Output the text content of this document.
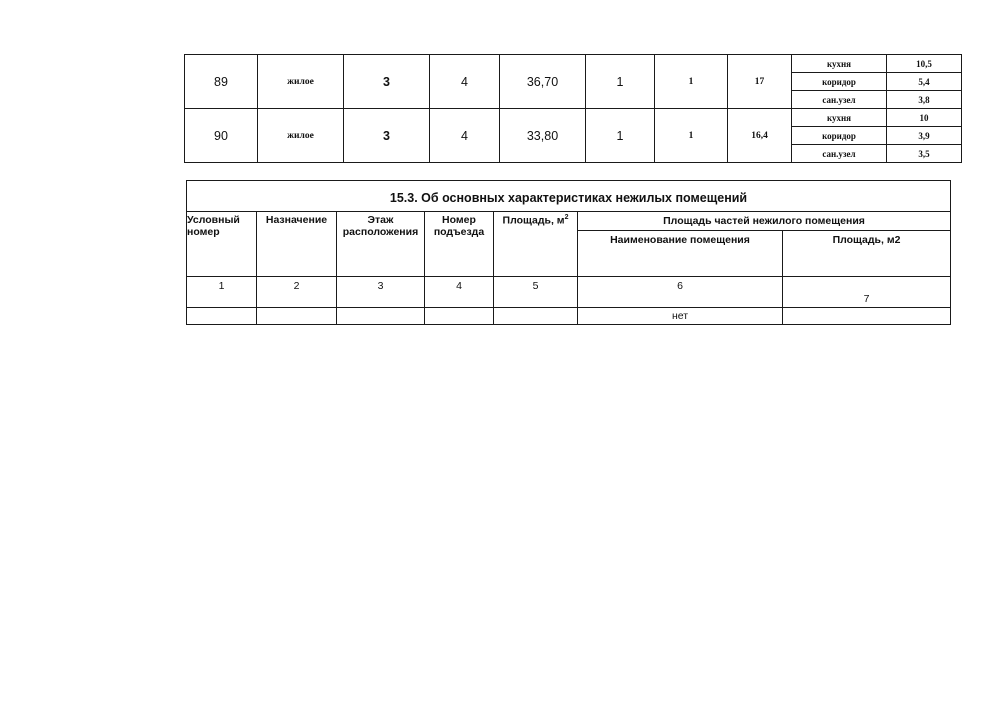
89	жилое	3	4	36,70	1	1	17	кухня	10,5
								коридор	5,4
								сан.узел	3,8
90	жилое	3	4	33,80	1	1	16,4	кухня	10
								коридор	3,9
								сан.узел	3,5
15.3. Об основных характеристиках нежилых помещений						
Условный номер	Назначение	Этаж расположения	Номер подъезда	Площадь, $м^2$	Площадь частей нежилого помещения	
					Наименование помещения	Площадь, м2
1	2	3	4	5	6	7
					нет	
